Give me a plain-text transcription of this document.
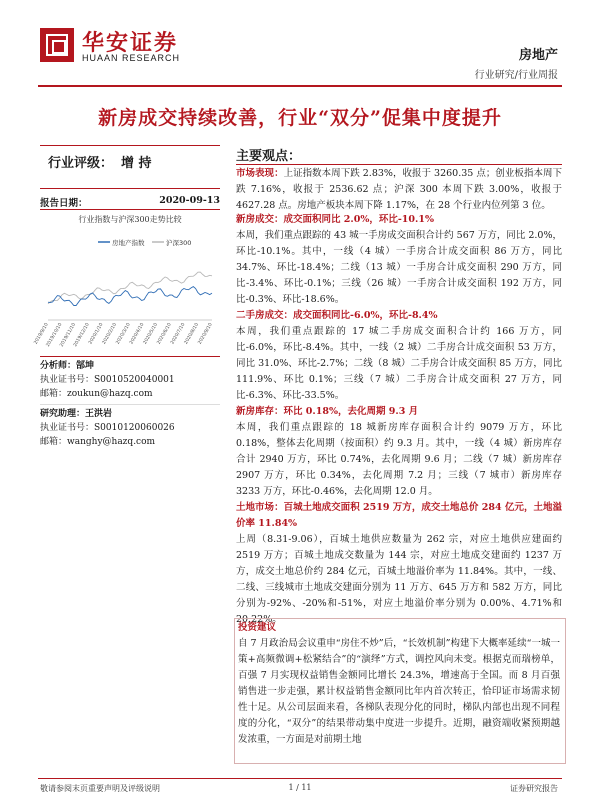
华安证券
HUAAN RESEARCH	房地产
行业研究/行业周报
新房成交持续改善，行业“双分”促集中度提升
行业评级： 增 持
报告日期：	2020-09-13
行业指数与沪深300走势比较
2019/9/10
2019/10/10
2019/11/10
2019/12/10
2020/1/10
2020/2/10
2020/3/10
2020/4/10
2020/5/10
2020/6/10
2020/7/10
2020/8/10
2020/9/10
房地产指数	沪深300
分析师：郜坤
执业证书号：S0010520040001
邮箱：zoukun@hazq.com
研究助理：王洪岩
执业证书号：S0010120060026
邮箱：wanghy@hazq.com
主要观点：
市场表现：上证指数本周下跌 2.83%，收报于 3260.35 点；创业板指本周下跌 7.16%，收报于 2536.62 点；沪深 300 本周下跌 3.00%，收报于 4627.28 点。房地产板块本周下降 1.17%，在 28 个行业内位列第 3 位。
新房成交：成交面积同比 2.0%，环比-10.1%
本周，我们重点跟踪的 43 城一手房成交面积合计约 567 万方，同比 2.0%，环比-10.1%。其中，一线（4 城）一手房合计成交面积 86 万方，同比 34.7%、环比-18.4%；二线（13 城）一手房合计成交面积 290 万方，同比-3.4%、环比-0.1%；三线（26 城）一手房合计成交面积 192 万方，同比-0.3%、环比-18.6%。
二手房成交：成交面积同比-6.0%，环比-8.4%
本周，我们重点跟踪的 17 城二手房成交面积合计约 166 万方，同比-6.0%，环比-8.4%。其中，一线（2 城）二手房合计成交面积 53 万方，同比 31.0%、环比-2.7%；二线（8 城）二手房合计成交面积 85 万方，同比 111.9%、环比 0.1%；三线（7 城）二手房合计成交面积 27 万方，同比-6.3%、环比-33.5%。
新房库存：环比 0.18%，去化周期 9.3 月
本周，我们重点跟踪的 18 城新房库存面积合计约 9079 万方，环比 0.18%，整体去化周期（按面积）约 9.3 月。其中，一线（4 城）新房库存合计 2940 万方，环比 0.74%，去化周期 9.6 月；二线（7 城）新房库存 2907 万方，环比 0.34%，去化周期 7.2 月；三线（7 城市）新房库存 3233 万方，环比-0.46%，去化周期 12.0 月。
土地市场：百城土地成交面积 2519 万方，成交土地总价 284 亿元，土地溢价率 11.84%
上周（8.31-9.06），百城土地供应数量为 262 宗，对应土地供应建面约 2519 万方；百城土地成交数量为 144 宗，对应土地成交建面约 1237 万方，成交土地总价约 284 亿元，百城土地溢价率为 11.84%。其中，一线、二线、三线城市土地成交建面分别为 11 万方、645 万方和 582 万方，同比分别为-92%、-20%和-51%，对应土地溢价率分别为 0.00%、4.71%和 20.22%。
投资建议
自 7 月政治局会议重申“房住不炒”后，“长效机制”构建下大概率延续“一城一策+高频微调+松紧结合”的“演绎”方式，调控风向未变。根据克而瑞榜单，百强 7 月实现权益销售金额同比增长 24.3%，增速高于全国。而 8 月百强销售进一步走强，累计权益销售金额同比年内首次转正，恰印证市场需求韧性十足。从公司层面来看，各梯队表现分化的同时，梯队内部也出现不同程度的分化，“双分”的结果带动集中度进一步提升。近期，融资端收紧预期越发浓重，一方面是对前期土地
敬请参阅末页重要声明及评级说明	1 / 11	证券研究报告
